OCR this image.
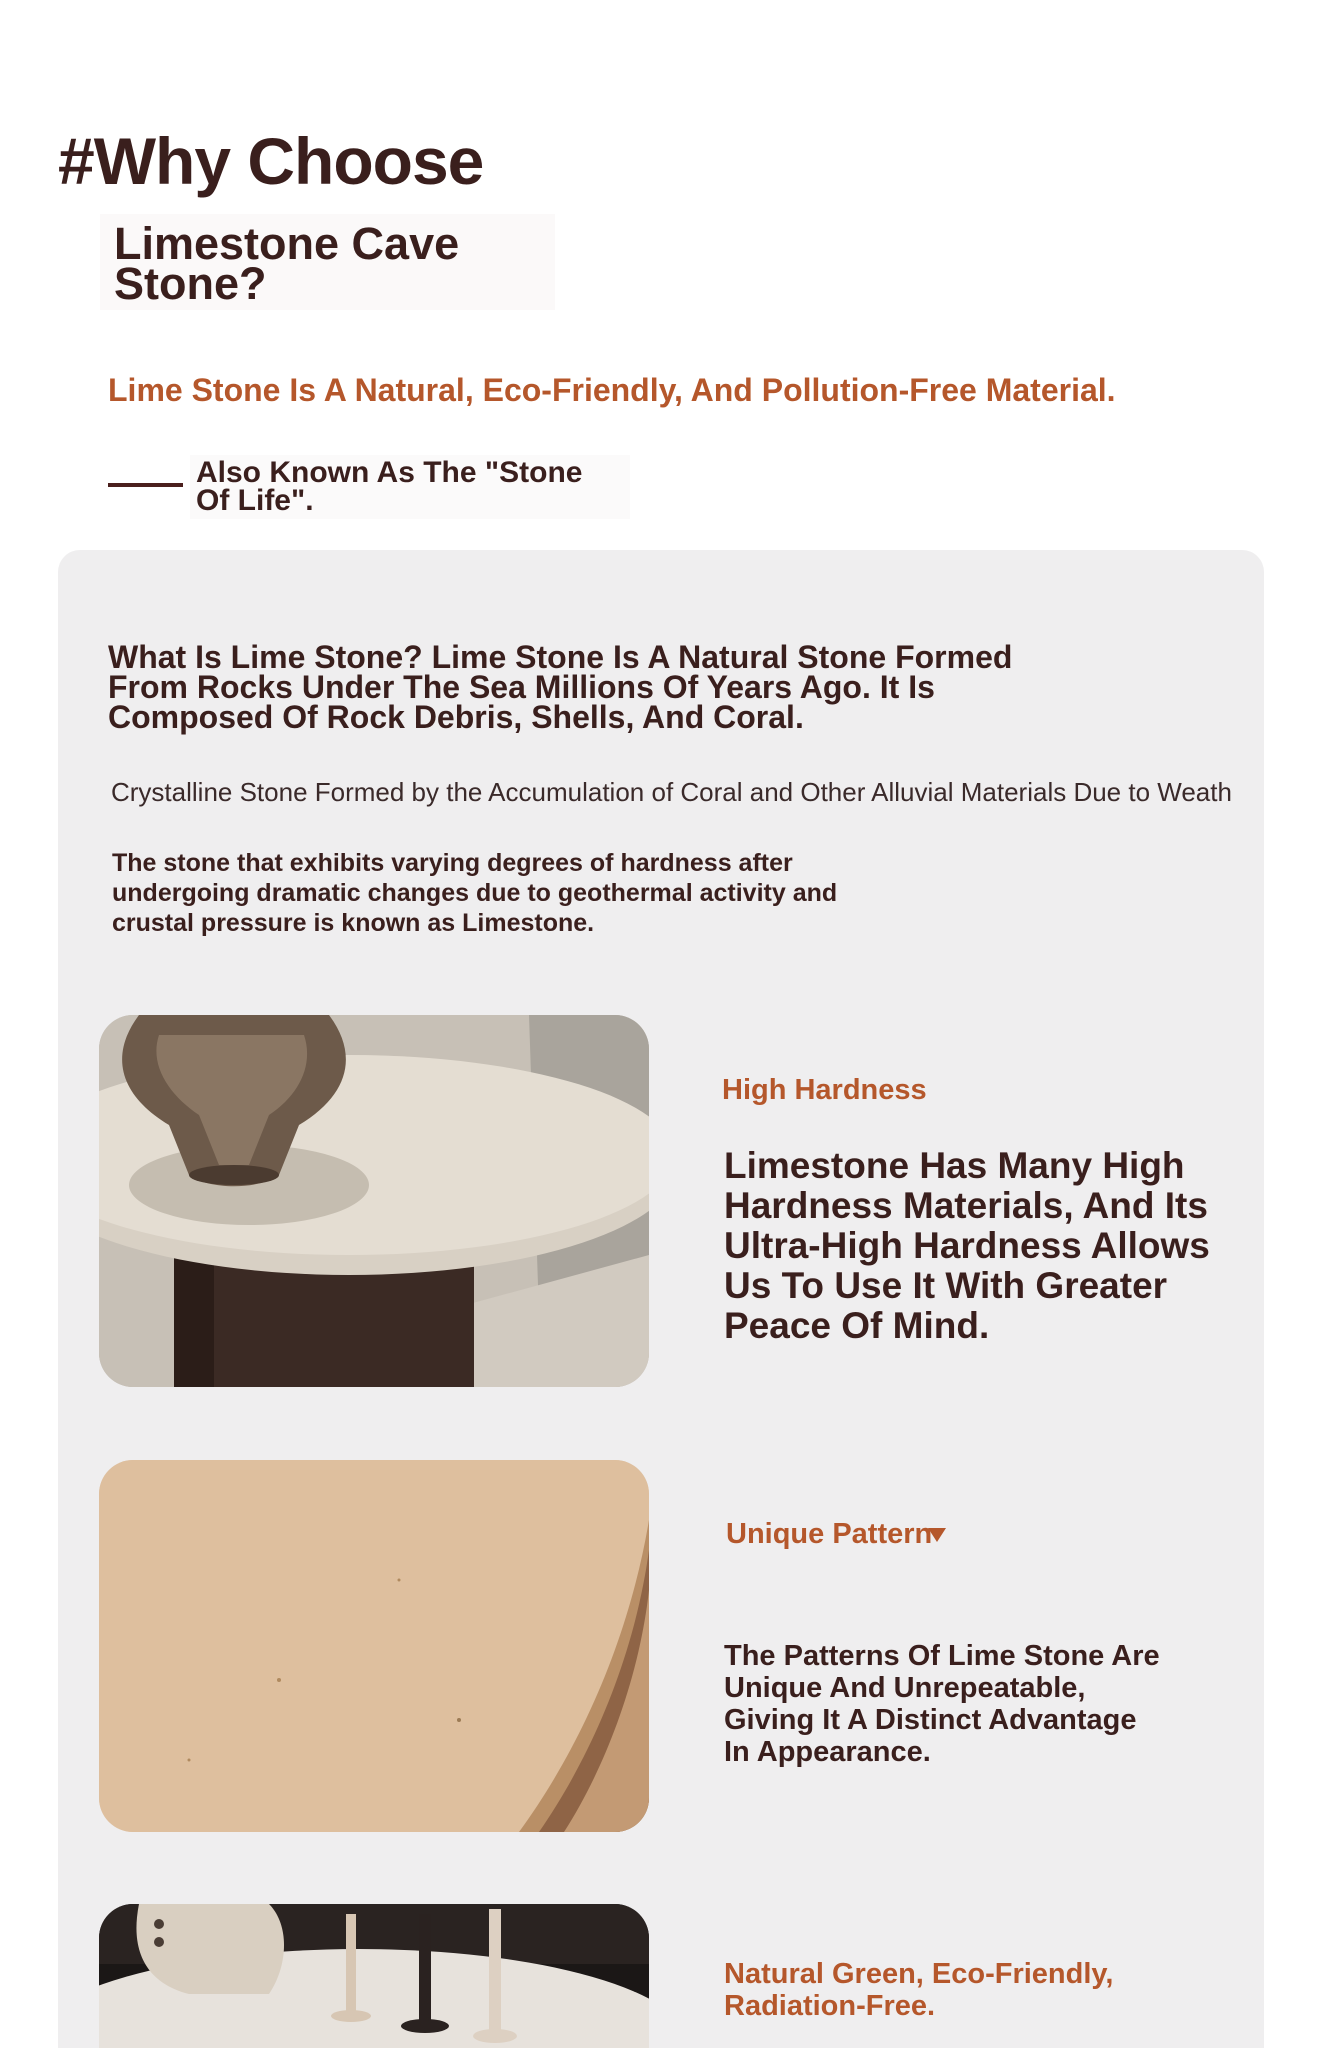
#Why Choose
Limestone Cave Stone?
Lime Stone Is A Natural, Eco-Friendly, And Pollution-Free Material.
Also Known As The "Stone Of Life".
What Is Lime Stone? Lime Stone Is A Natural Stone Formed From Rocks Under The Sea Millions Of Years Ago. It Is Composed Of Rock Debris, Shells, And Coral.
Crystalline Stone Formed by the Accumulation of Coral and Other Alluvial Materials Due to Weath
The stone that exhibits varying degrees of hardness after undergoing dramatic changes due to geothermal activity and crustal pressure is known as Limestone.
High Hardness
Limestone Has Many High Hardness Materials, And Its Ultra-High Hardness Allows Us To Use It With Greater Peace Of Mind.
Unique Pattern
The Patterns Of Lime Stone Are Unique And Unrepeatable, Giving It A Distinct Advantage In Appearance.
Natural Green, Eco-Friendly, Radiation-Free.
